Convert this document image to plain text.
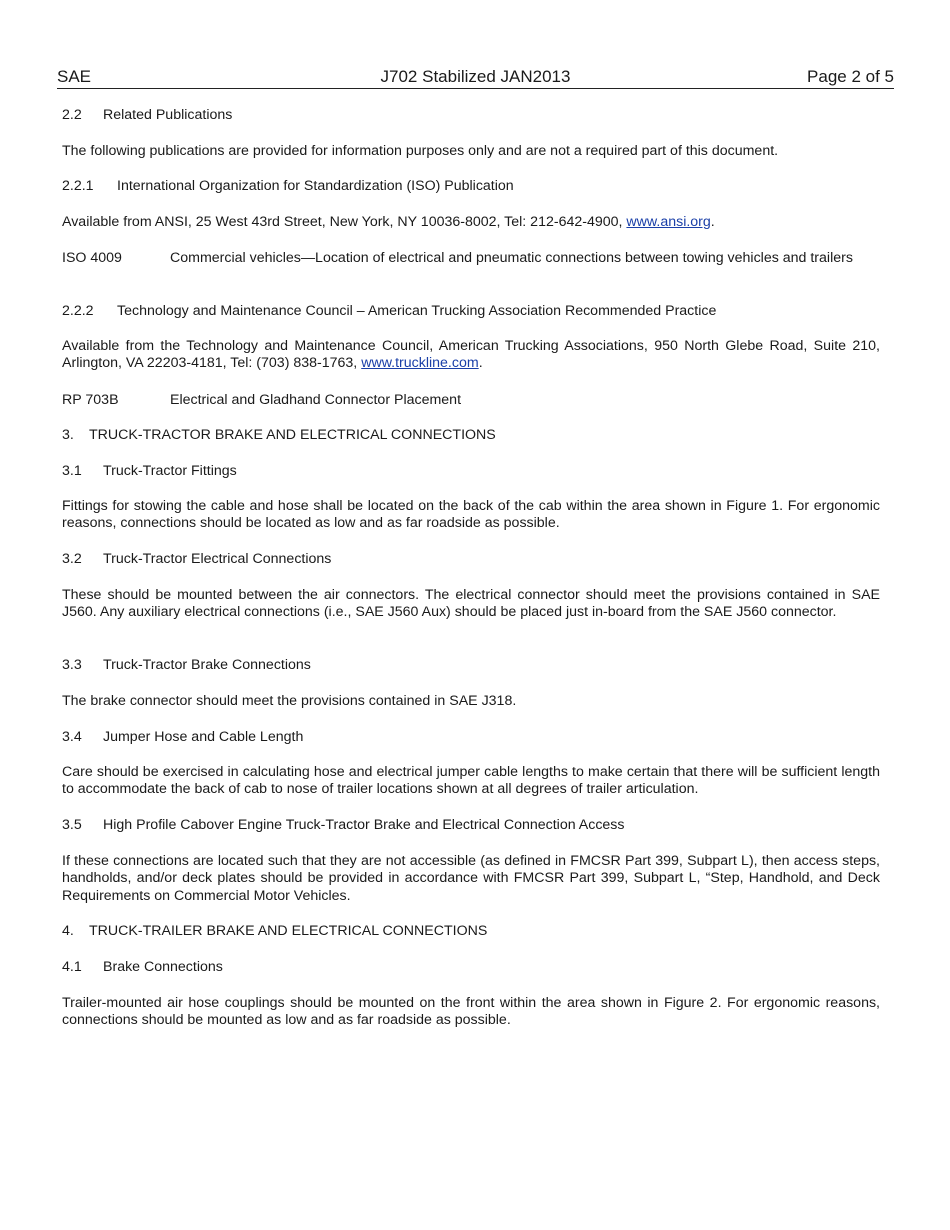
SAE	J702 Stabilized JAN2013	Page 2 of 5
2.2 Related Publications
The following publications are provided for information purposes only and are not a required part of this document.
2.2.1 International Organization for Standardization (ISO) Publication
Available from ANSI, 25 West 43rd Street, New York, NY 10036-8002, Tel: 212-642-4900, www.ansi.org.
ISO 4009	Commercial vehicles—Location of electrical and pneumatic connections between towing vehicles and trailers
2.2.2 Technology and Maintenance Council – American Trucking Association Recommended Practice
Available from the Technology and Maintenance Council, American Trucking Associations, 950 North Glebe Road, Suite 210, Arlington, VA 22203-4181, Tel: (703) 838-1763, www.truckline.com.
RP 703B	Electrical and Gladhand Connector Placement
3. TRUCK-TRACTOR BRAKE AND ELECTRICAL CONNECTIONS
3.1 Truck-Tractor Fittings
Fittings for stowing the cable and hose shall be located on the back of the cab within the area shown in Figure 1. For ergonomic reasons, connections should be located as low and as far roadside as possible.
3.2 Truck-Tractor Electrical Connections
These should be mounted between the air connectors. The electrical connector should meet the provisions contained in SAE J560. Any auxiliary electrical connections (i.e., SAE J560 Aux) should be placed just in-board from the SAE J560 connector.
3.3 Truck-Tractor Brake Connections
The brake connector should meet the provisions contained in SAE J318.
3.4 Jumper Hose and Cable Length
Care should be exercised in calculating hose and electrical jumper cable lengths to make certain that there will be sufficient length to accommodate the back of cab to nose of trailer locations shown at all degrees of trailer articulation.
3.5 High Profile Cabover Engine Truck-Tractor Brake and Electrical Connection Access
If these connections are located such that they are not accessible (as defined in FMCSR Part 399, Subpart L), then access steps, handholds, and/or deck plates should be provided in accordance with FMCSR Part 399, Subpart L, “Step, Handhold, and Deck Requirements on Commercial Motor Vehicles.
4. TRUCK-TRAILER BRAKE AND ELECTRICAL CONNECTIONS
4.1 Brake Connections
Trailer-mounted air hose couplings should be mounted on the front within the area shown in Figure 2. For ergonomic reasons, connections should be mounted as low and as far roadside as possible.
